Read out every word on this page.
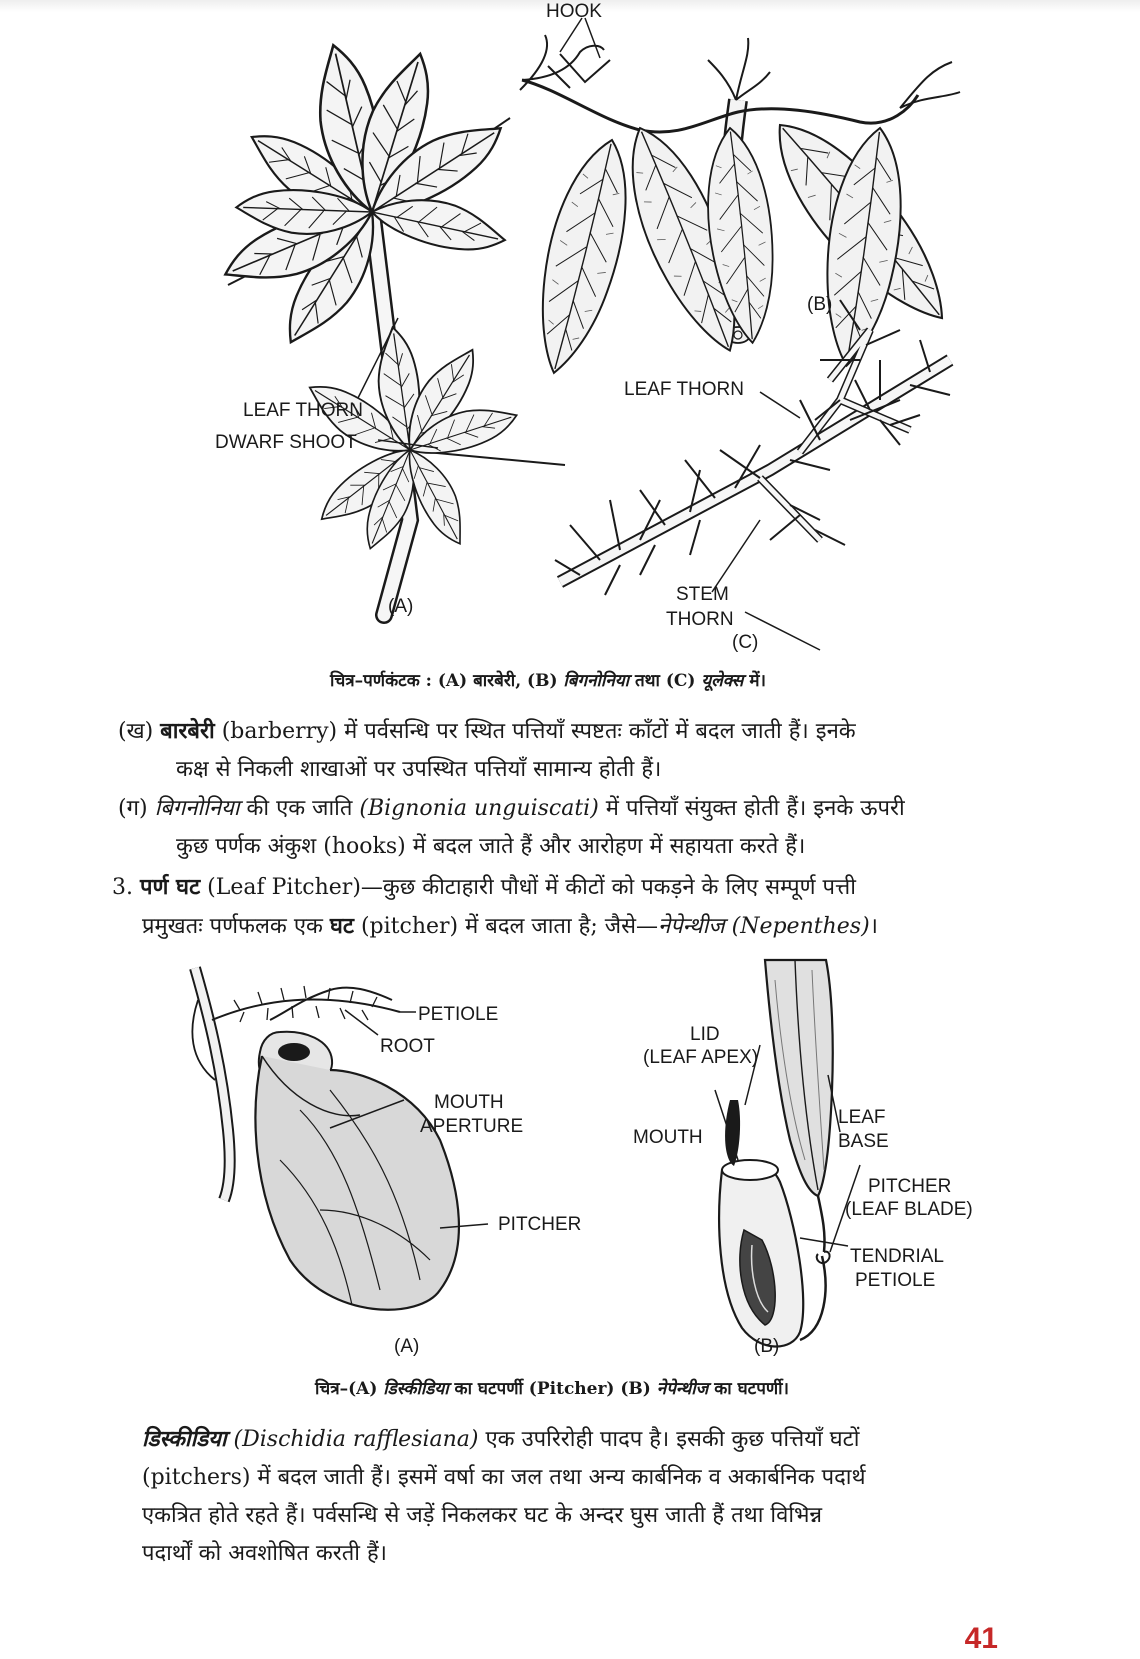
LEAF THORN
DWARF SHOOT
(A)
HOOK
(B)
LEAF THORN
STEM
THORN
(C)
चित्र–पर्णकंटक : (A) बारबेरी, (B) बिगनोनिया तथा (C) यूलेक्स में।
(ख) बारबेरी (barberry) में पर्वसन्धि पर स्थित पत्तियाँ स्पष्टतः काँटों में बदल जाती हैं। इनके
कक्ष से निकली शाखाओं पर उपस्थित पत्तियाँ सामान्य होती हैं।
(ग) बिगनोनिया की एक जाति (Bignonia unguiscati) में पत्तियाँ संयुक्त होती हैं। इनके ऊपरी
कुछ पर्णक अंकुश (hooks) में बदल जाते हैं और आरोहण में सहायता करते हैं।
3. पर्ण घट (Leaf Pitcher)—कुछ कीटाहारी पौधों में कीटों को पकड़ने के लिए सम्पूर्ण पत्ती
प्रमुखतः पर्णफलक एक घट (pitcher) में बदल जाता है; जैसे—नेपेन्थीज (Nepenthes)।
PETIOLE
ROOT
MOUTH
APERTURE
PITCHER
(A)
LID
(LEAF APEX)
MOUTH
LEAF
BASE
PITCHER
(LEAF BLADE)
TENDRIAL
PETIOLE
(B)
चित्र–(A) डिस्कीडिया का घटपर्णी (Pitcher) (B) नेपेन्थीज का घटपर्णी।
डिस्कीडिया (Dischidia rafflesiana) एक उपरिरोही पादप है। इसकी कुछ पत्तियाँ घटों
(pitchers) में बदल जाती हैं। इसमें वर्षा का जल तथा अन्य कार्बनिक व अकार्बनिक पदार्थ
एकत्रित होते रहते हैं। पर्वसन्धि से जड़ें निकलकर घट के अन्दर घुस जाती हैं तथा विभिन्न
पदार्थों को अवशोषित करती हैं।
41
